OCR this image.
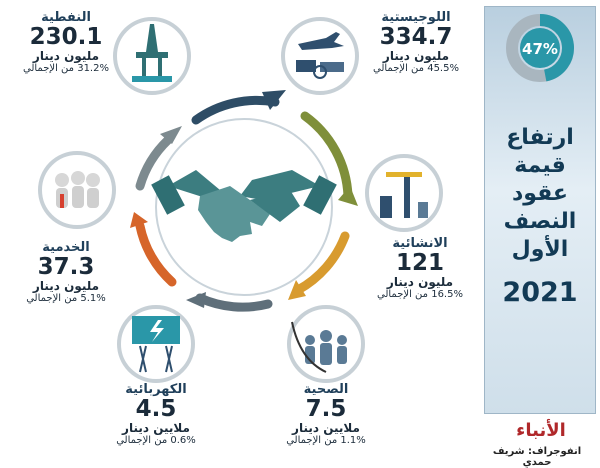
47%
ارتفاع
قيمة
عقود
النصف
الأول
2021
النفطية
230.1
مليون دينار
31.2% من الإجمالي
اللوجيستية
334.7
مليون دينار
45.5% من الإجمالي
الانشائية
121
مليون دينار
16.5% من الإجمالي
الخدمية
37.3
مليون دينار
5.1% من الإجمالي
الكهربائية
4.5
ملايين دينار
0.6% من الإجمالي
الصحية
7.5
ملايين دينار
1.1% من الإجمالي	الأنباء
انفوجراف: شريف حمدي
